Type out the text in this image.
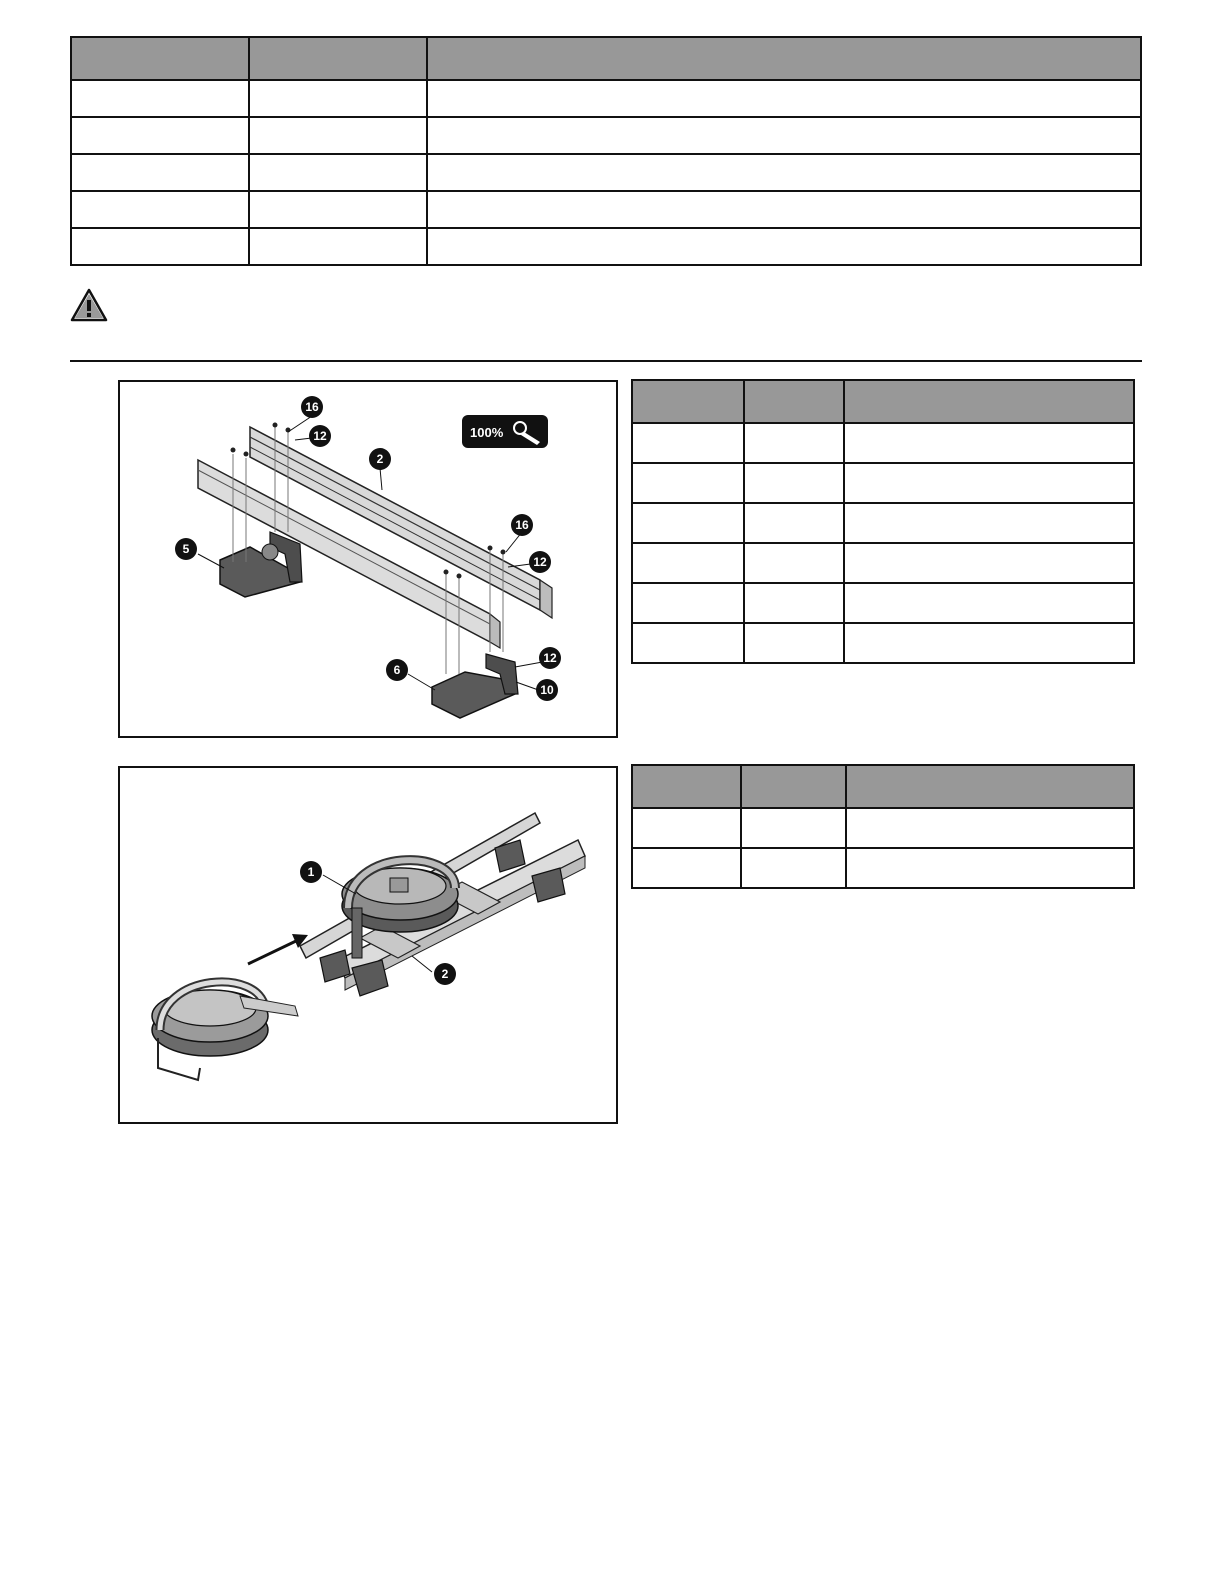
100%
16
12
2
16
12
5
12
6
10

1
2
